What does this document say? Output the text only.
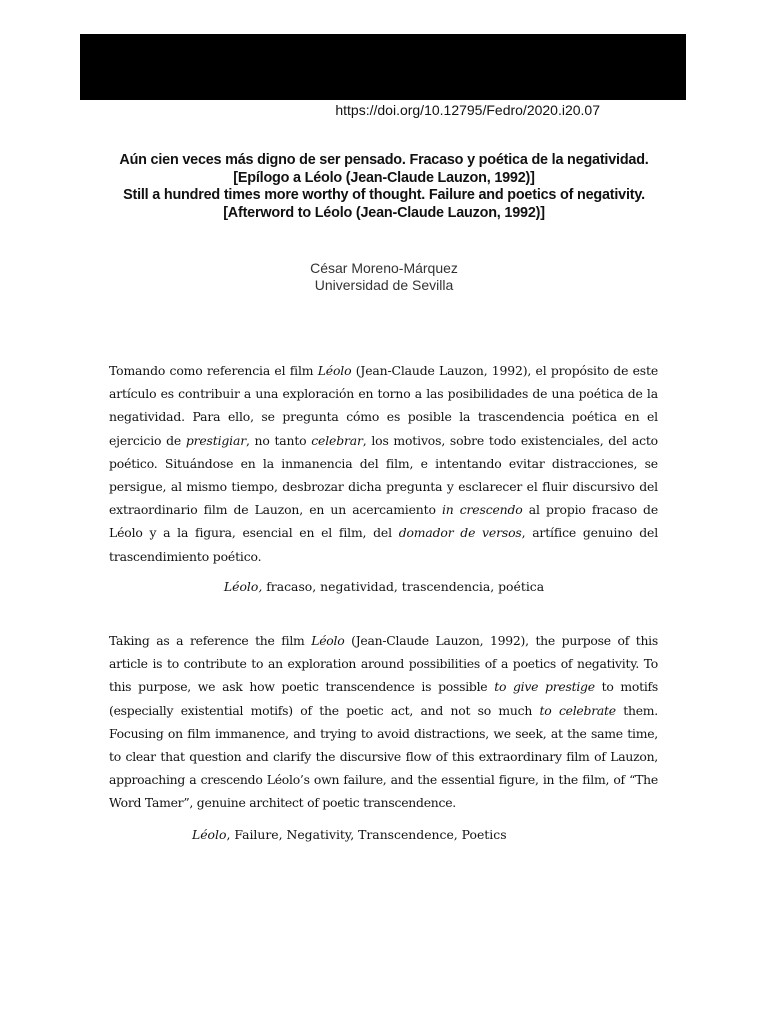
https://doi.org/10.12795/Fedro/2020.i20.07
Aún cien veces más digno de ser pensado. Fracaso y poética de la negatividad.
[Epílogo a Léolo (Jean-Claude Lauzon, 1992)]
Still a hundred times more worthy of thought. Failure and poetics of negativity.
[Afterword to Léolo (Jean-Claude Lauzon, 1992)]
César Moreno-Márquez
Universidad de Sevilla

Tomando como referencia el film Léolo (Jean-Claude Lauzon, 1992), el propósito de este artículo es contribuir a una exploración en torno a las posibilidades de una poética de la negatividad. Para ello, se pregunta cómo es posible la trascendencia poética en el ejercicio de prestigiar, no tanto celebrar, los motivos, sobre todo existenciales, del acto poético. Situándose en la inmanencia del film, e intentando evitar distracciones, se persigue, al mismo tiempo, desbrozar dicha pregunta y esclarecer el fluir discursivo del extraordinario film de Lauzon, en un acercamiento in crescendo al propio fracaso de Léolo y a la figura, esencial en el film, del domador de versos, artífice genuino del trascendimiento poético.

Léolo, fracaso, negatividad, trascendencia, poética

Taking as a reference the film Léolo (Jean-Claude Lauzon, 1992), the purpose of this article is to contribute to an exploration around possibilities of a poetics of negativity. To this purpose, we ask how poetic transcendence is possible to give prestige to motifs (especially existential motifs) of the poetic act, and not so much to celebrate them. Focusing on film immanence, and trying to avoid distractions, we seek, at the same time, to clear that question and clarify the discursive flow of this extraordinary film of Lauzon, approaching a crescendo Léolo’s own failure, and the essential figure, in the film, of “The Word Tamer”, genuine architect of poetic transcendence.

Léolo, Failure, Negativity, Transcendence, Poetics
